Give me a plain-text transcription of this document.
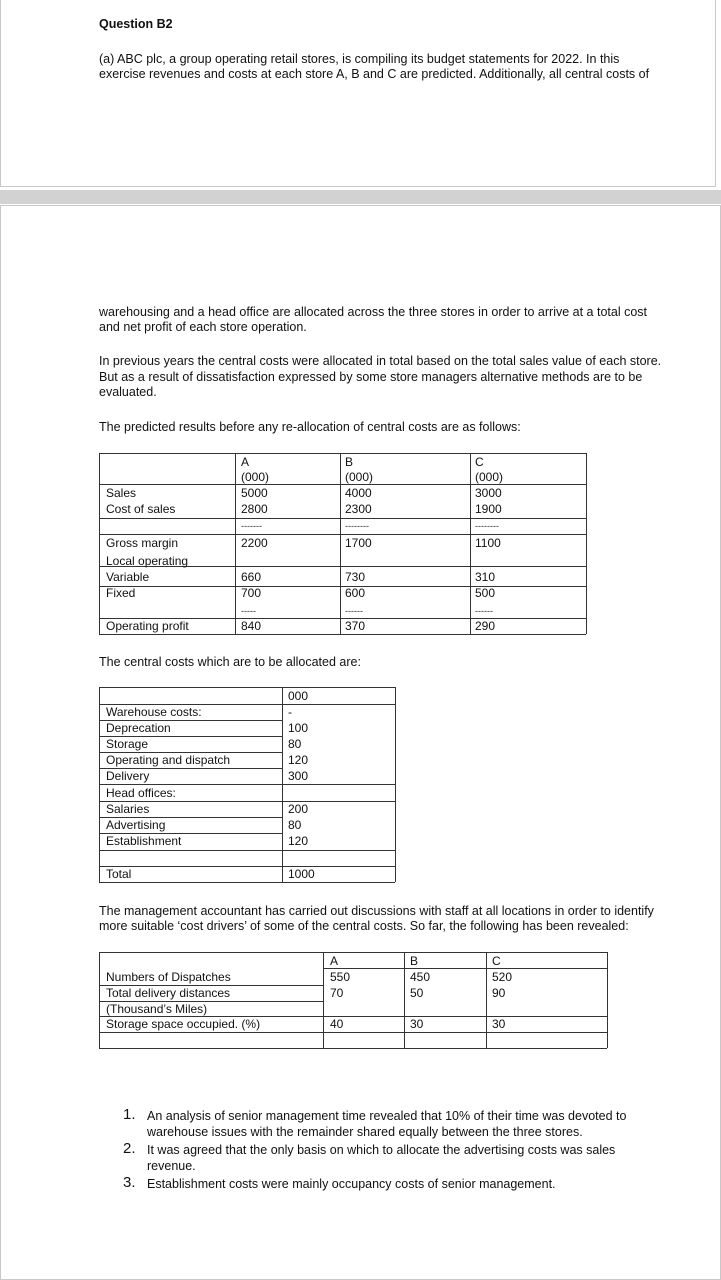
Question B2
(a) ABC plc, a group operating retail stores, is compiling its budget statements for 2022. In this
exercise revenues and costs at each store A, B and C are predicted. Additionally, all central costs of
warehousing and a head office are allocated across the three stores in order to arrive at a total cost
and net profit of each store operation.
In previous years the central costs were allocated in total based on the total sales value of each store.
But as a result of dissatisfaction expressed by some store managers alternative methods are to be
evaluated.
The predicted results before any re-allocation of central costs are as follows:
A	B	C
(000)	(000)	(000)
Sales	5000	4000	3000
Cost of sales	2800	2300	1900
-------	--------	--------
Gross margin	2200	1700	1100
Local operating
Variable	660	730	310
Fixed	700	600	500
-----	------	------
Operating profit	840	370	290
The central costs which are to be allocated are:
000
Warehouse costs:	-
Deprecation	100
Storage	80
Operating and dispatch	120
Delivery	300
Head offices:
Salaries	200
Advertising	80
Establishment	120
Total	1000
The management accountant has carried out discussions with staff at all locations in order to identify
more suitable ‘cost drivers’ of some of the central costs. So far, the following has been revealed:
A	B	C
Numbers of Dispatches	550	450	520
Total delivery distances	70	50	90
(Thousand’s Miles)
Storage space occupied. (%)	40	30	30
1. An analysis of senior management time revealed that 10% of their time was devoted to
warehouse issues with the remainder shared equally between the three stores.
2. It was agreed that the only basis on which to allocate the advertising costs was sales
revenue.
3. Establishment costs were mainly occupancy costs of senior management.
